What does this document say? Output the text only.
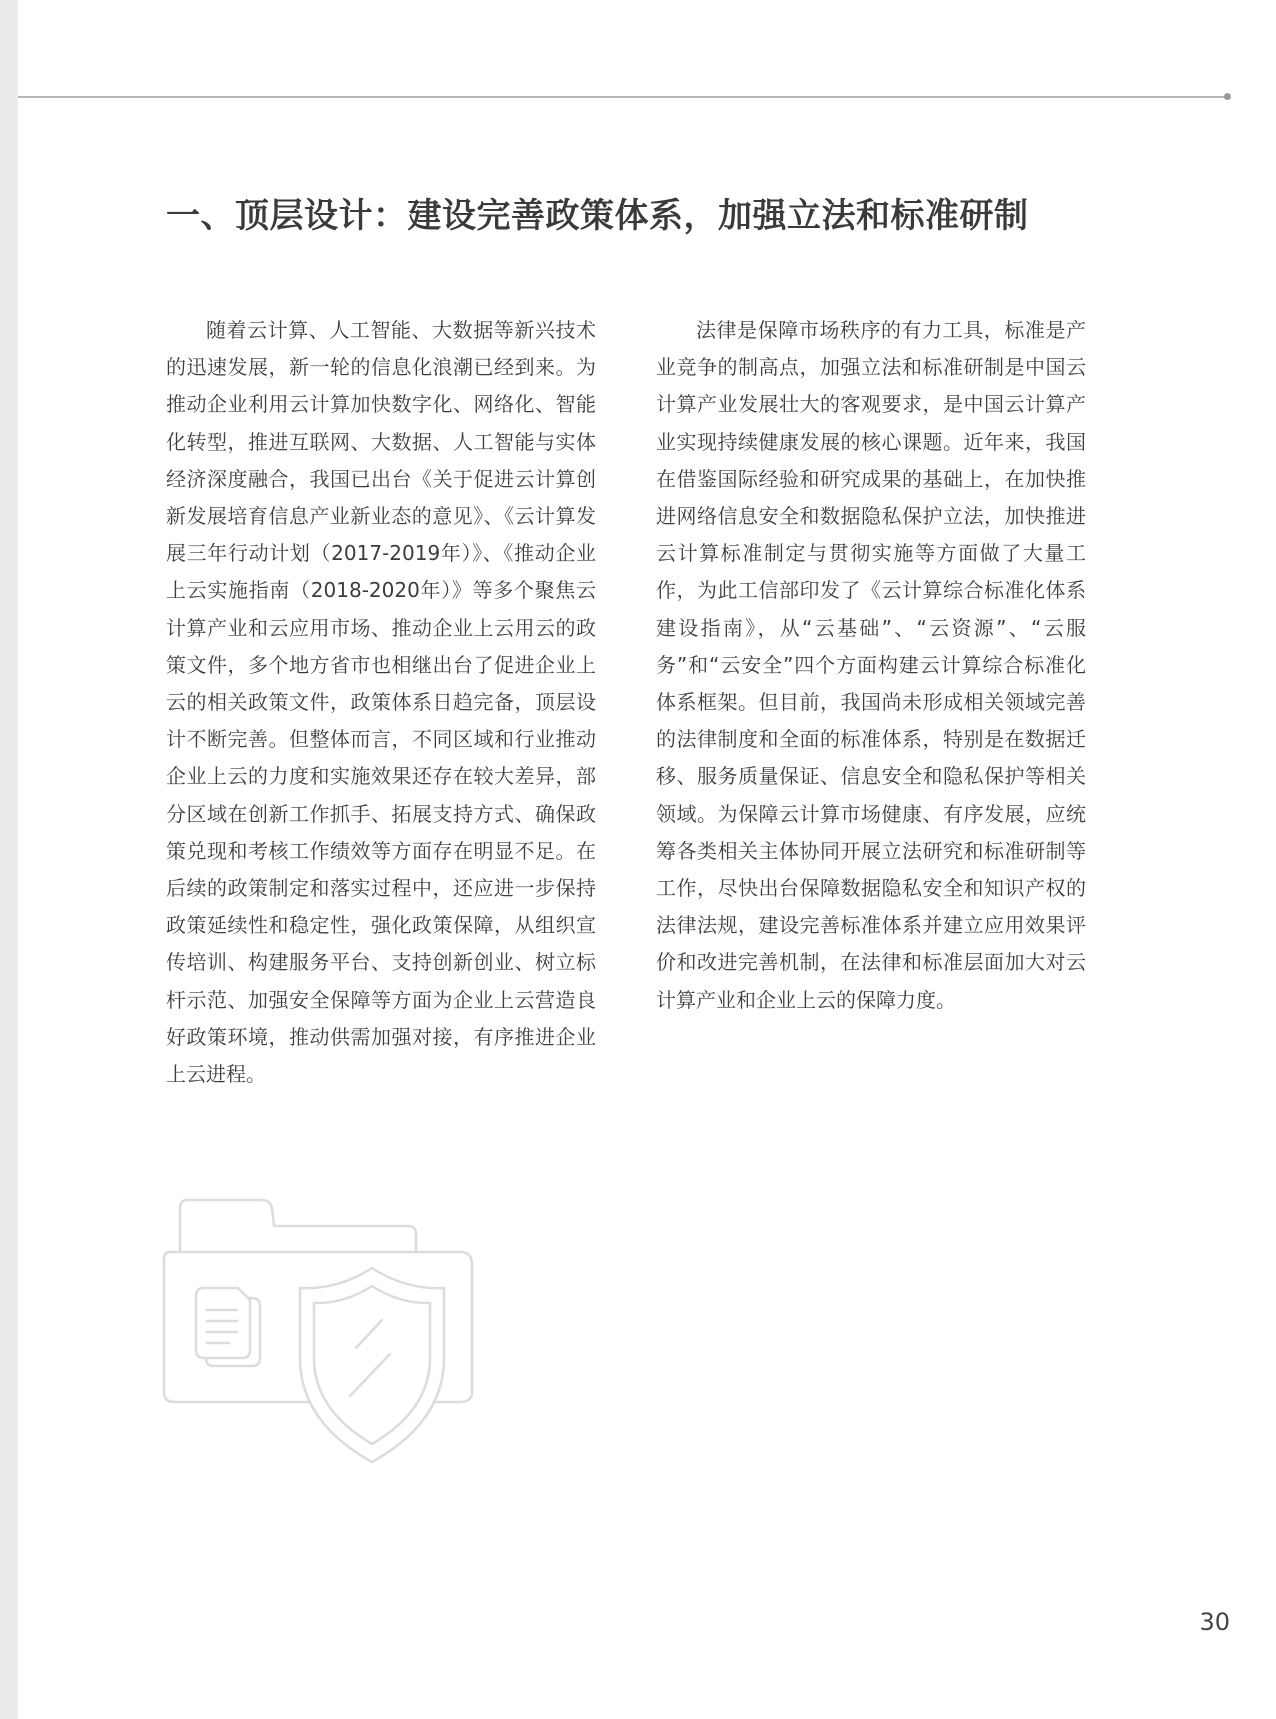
一、顶层设计：建设完善政策体系，加强立法和标准研制

随着云计算、人工智能、大数据等新兴技术的迅速发展，新一轮的信息化浪潮已经到来。为推动企业利用云计算加快数字化、网络化、智能化转型，推进互联网、大数据、人工智能与实体经济深度融合，我国已出台《关于促进云计算创新发展培育信息产业新业态的意见》、《云计算发展三年行动计划（2017-2019年）》、《推动企业上云实施指南（2018-2020年）》等多个聚焦云计算产业和云应用市场、推动企业上云用云的政策文件，多个地方省市也相继出台了促进企业上云的相关政策文件，政策体系日趋完备，顶层设计不断完善。但整体而言，不同区域和行业推动企业上云的力度和实施效果还存在较大差异，部分区域在创新工作抓手、拓展支持方式、确保政策兑现和考核工作绩效等方面存在明显不足。在后续的政策制定和落实过程中，还应进一步保持政策延续性和稳定性，强化政策保障，从组织宣传培训、构建服务平台、支持创新创业、树立标杆示范、加强安全保障等方面为企业上云营造良好政策环境，推动供需加强对接，有序推进企业上云进程。

法律是保障市场秩序的有力工具，标准是产业竞争的制高点，加强立法和标准研制是中国云计算产业发展壮大的客观要求，是中国云计算产业实现持续健康发展的核心课题。近年来，我国在借鉴国际经验和研究成果的基础上，在加快推进网络信息安全和数据隐私保护立法，加快推进云计算标准制定与贯彻实施等方面做了大量工作，为此工信部印发了《云计算综合标准化体系建设指南》，从“云基础”、“云资源”、“云服务”和“云安全”四个方面构建云计算综合标准化体系框架。但目前，我国尚未形成相关领域完善的法律制度和全面的标准体系，特别是在数据迁移、服务质量保证、信息安全和隐私保护等相关领域。为保障云计算市场健康、有序发展，应统筹各类相关主体协同开展立法研究和标准研制等工作，尽快出台保障数据隐私安全和知识产权的法律法规，建设完善标准体系并建立应用效果评价和改进完善机制，在法律和标准层面加大对云计算产业和企业上云的保障力度。

30
